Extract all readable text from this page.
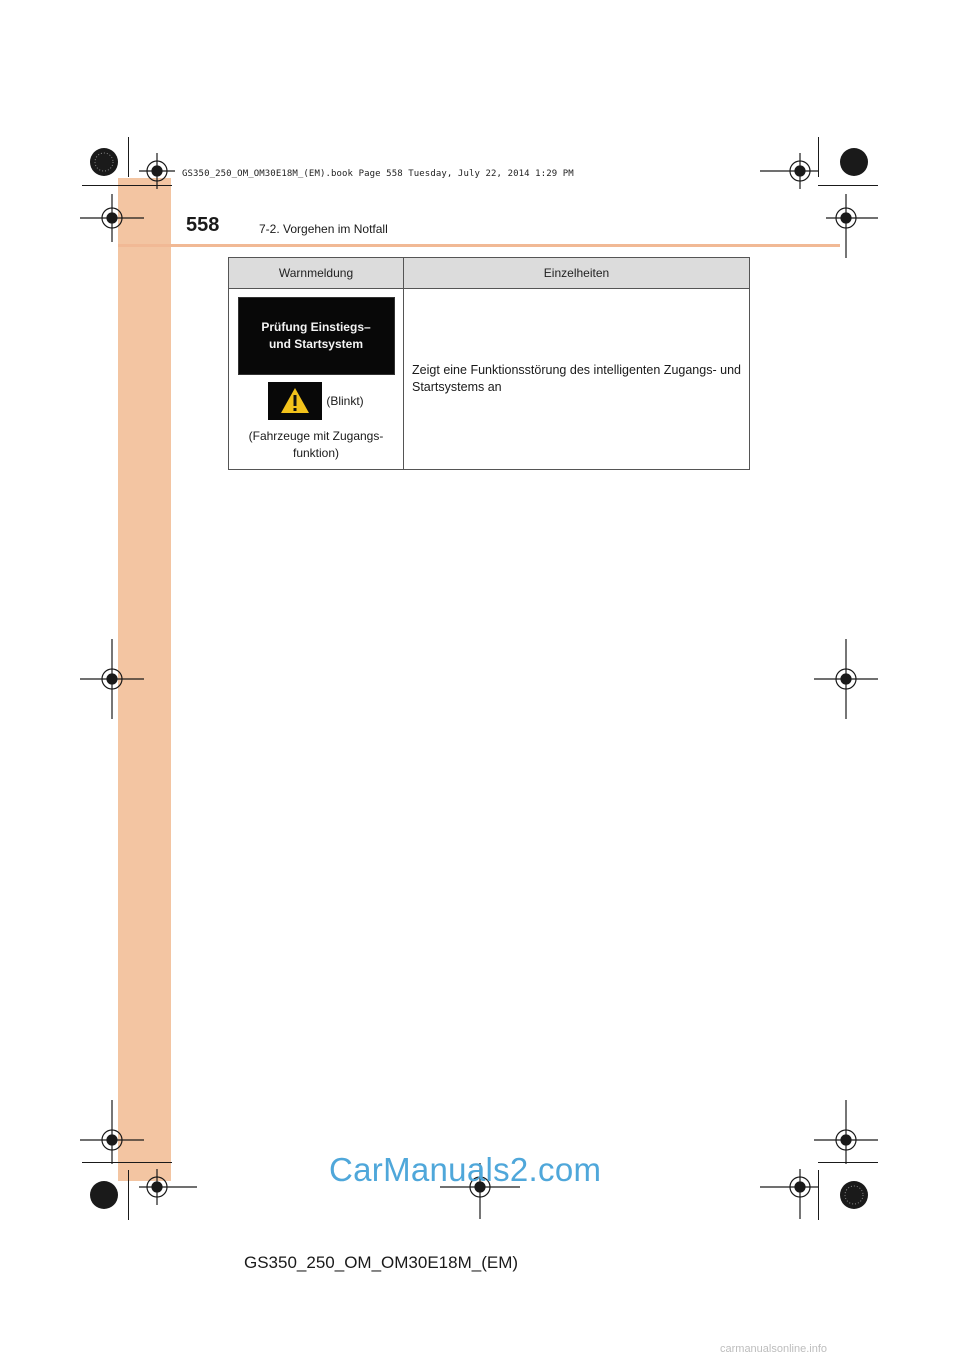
GS350_250_OM_OM30E18M_(EM).book Page 558 Tuesday, July 22, 2014 1:29 PM
558	7-2. Vorgehen im Notfall
Warnmeldung	Einzelheiten

Prüfung Einstiegs–
und Startsystem
(Blinkt)
(Fahrzeuge mit Zugangs-
funktion)	Zeigt eine Funktionsstörung des intelligenten Zugangs- und Startsystems an
CarManuals2.com
GS350_250_OM_OM30E18M_(EM)
carmanualsonline.info
